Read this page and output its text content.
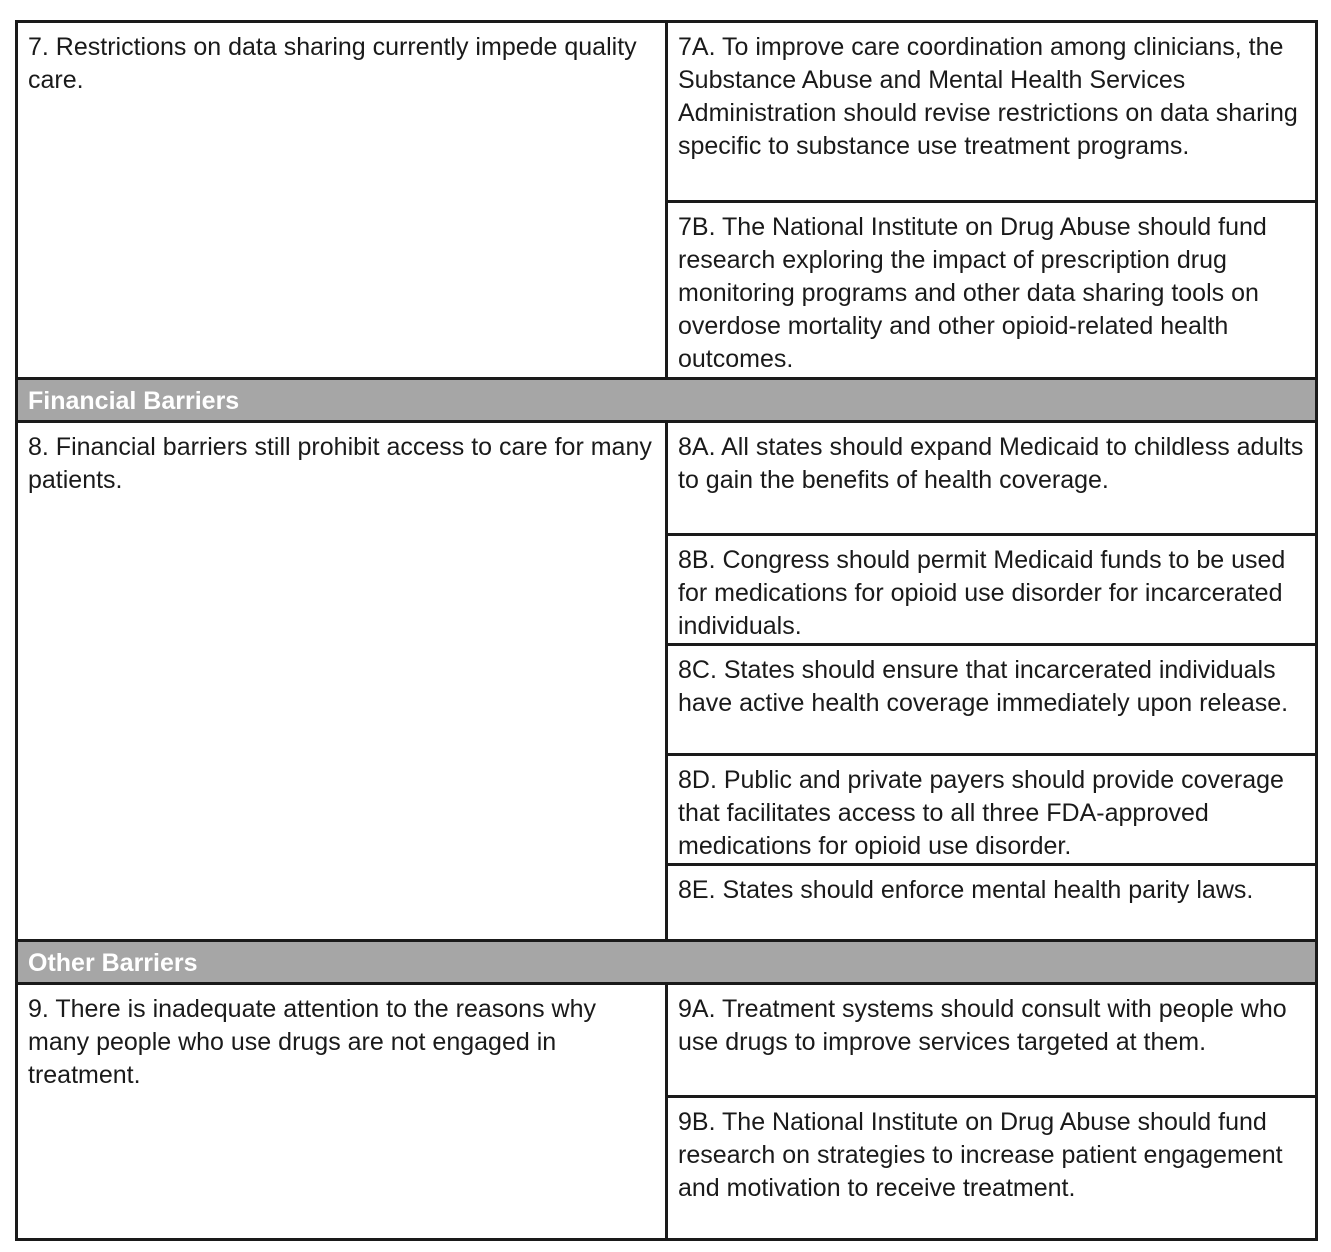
7. Restrictions on data sharing currently impede quality care.
7A. To improve care coordination among clinicians, the Substance Abuse and Mental Health Services Administration should revise restrictions on data sharing specific to substance use treatment programs.
7B. The National Institute on Drug Abuse should fund research exploring the impact of prescription drug monitoring programs and other data sharing tools on overdose mortality and other opioid-related health outcomes.
Financial Barriers
8. Financial barriers still prohibit access to care for many patients.
8A. All states should expand Medicaid to childless adults to gain the benefits of health coverage.
8B. Congress should permit Medicaid funds to be used for medications for opioid use disorder for incarcerated individuals.
8C. States should ensure that incarcerated individuals have active health coverage immediately upon release.
8D. Public and private payers should provide coverage that facilitates access to all three FDA-approved medications for opioid use disorder.
8E. States should enforce mental health parity laws.
Other Barriers
9. There is inadequate attention to the reasons why many people who use drugs are not engaged in treatment.
9A. Treatment systems should consult with people who use drugs to improve services targeted at them.
9B. The National Institute on Drug Abuse should fund research on strategies to increase patient engagement and motivation to receive treatment.
